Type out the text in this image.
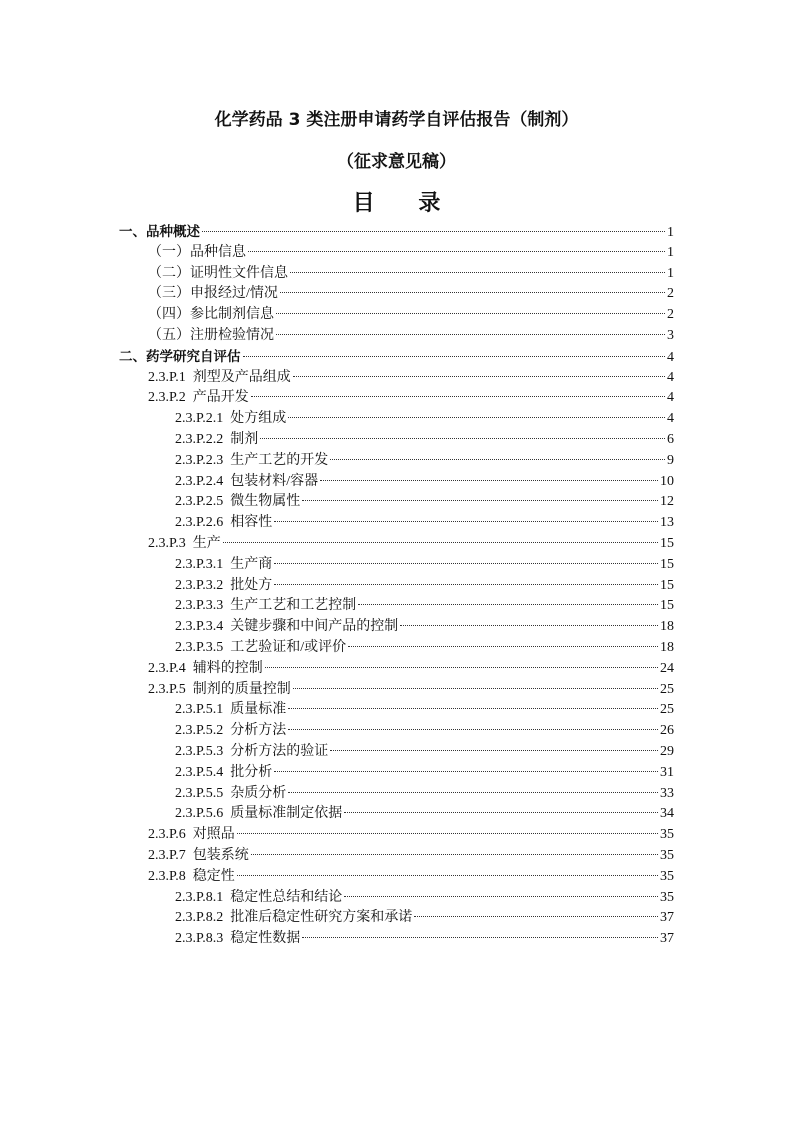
化学药品 3 类注册申请药学自评估报告（制剂）
（征求意见稿）
目 录
一、品种概述	1
（一）品种信息	1
（二）证明性文件信息	1
（三）申报经过/情况	2
（四）参比制剂信息	2
（五）注册检验情况	3
二、药学研究自评估	4
2.3.P.1  剂型及产品组成	4
2.3.P.2  产品开发	4
2.3.P.2.1  处方组成	4
2.3.P.2.2  制剂	6
2.3.P.2.3  生产工艺的开发	9
2.3.P.2.4  包装材料/容器	10
2.3.P.2.5  微生物属性	12
2.3.P.2.6  相容性	13
2.3.P.3  生产	15
2.3.P.3.1  生产商	15
2.3.P.3.2  批处方	15
2.3.P.3.3  生产工艺和工艺控制	15
2.3.P.3.4  关键步骤和中间产品的控制	18
2.3.P.3.5  工艺验证和/或评价	18
2.3.P.4  辅料的控制	24
2.3.P.5  制剂的质量控制	25
2.3.P.5.1  质量标准	25
2.3.P.5.2  分析方法	26
2.3.P.5.3  分析方法的验证	29
2.3.P.5.4  批分析	31
2.3.P.5.5  杂质分析	33
2.3.P.5.6  质量标准制定依据	34
2.3.P.6  对照品	35
2.3.P.7  包装系统	35
2.3.P.8  稳定性	35
2.3.P.8.1  稳定性总结和结论	35
2.3.P.8.2  批准后稳定性研究方案和承诺	37
2.3.P.8.3  稳定性数据	37
